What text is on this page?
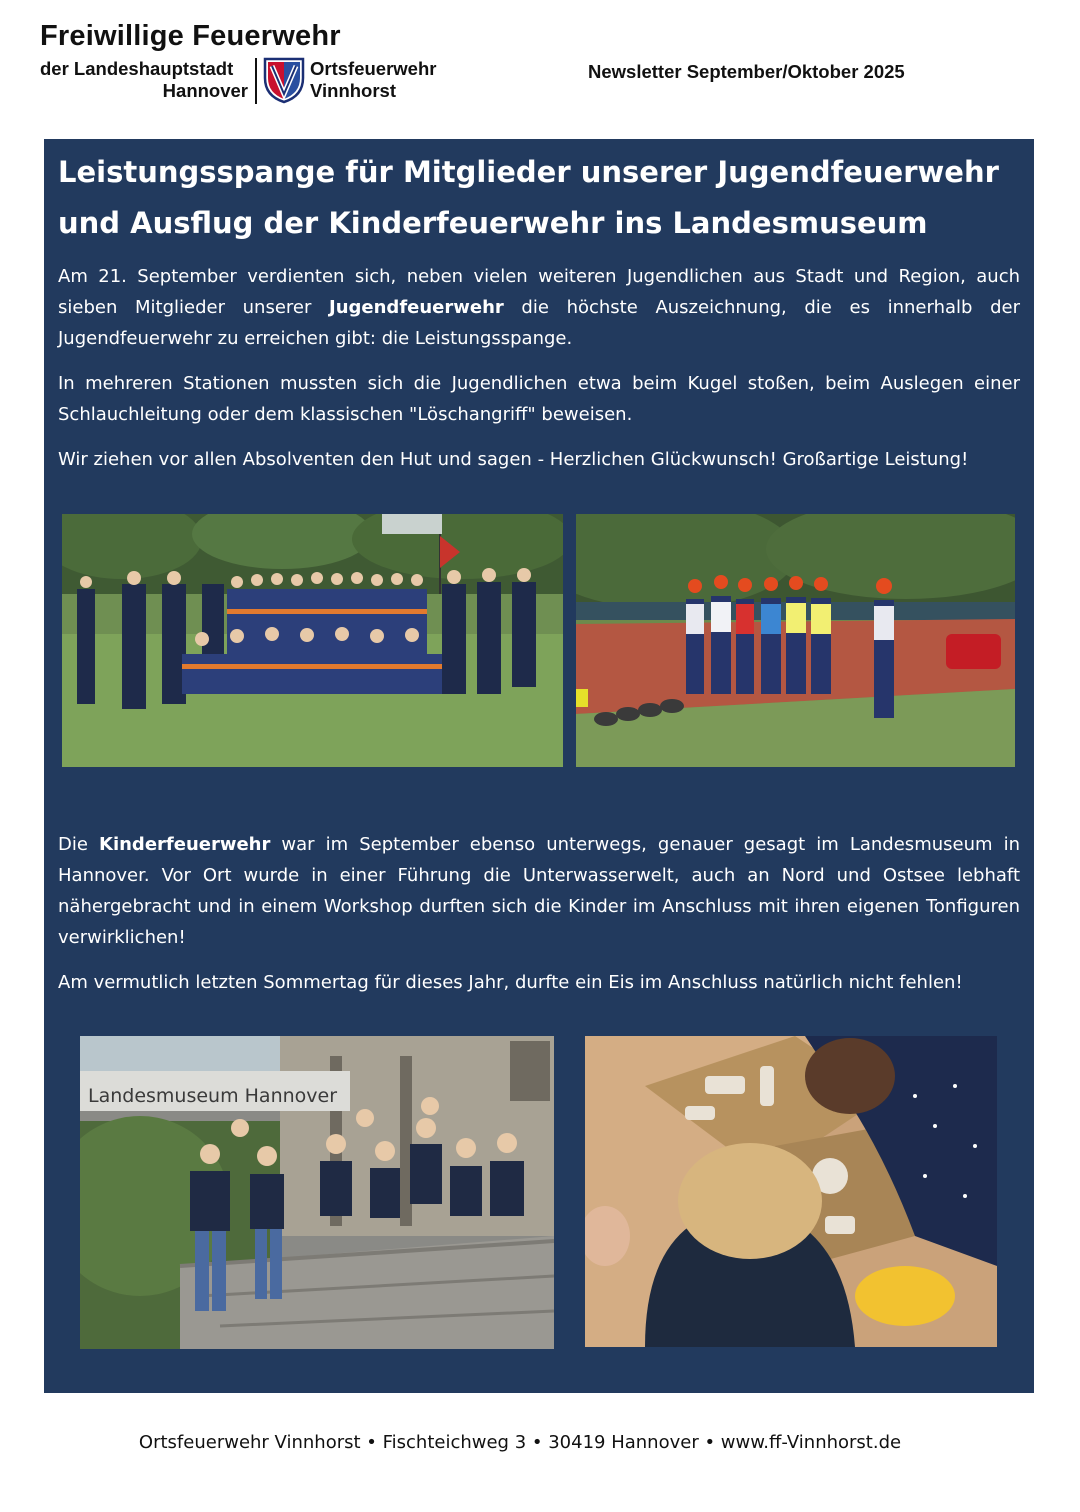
Freiwillige Feuerwehr
der Landeshauptstadt
Hannover
Ortsfeuerwehr
Vinnhorst
Newsletter September/Oktober 2025
Leistungsspange für Mitglieder unserer Jugendfeuerwehr
und Ausflug der Kinderfeuerwehr ins Landesmuseum

Am 21. September verdienten sich, neben vielen weiteren Jugendlichen aus Stadt und Region, auch sieben Mitglieder unserer Jugendfeuerwehr die höchste Auszeichnung, die es innerhalb der Jugendfeuerwehr zu erreichen gibt: die Leistungsspange.

In mehreren Stationen mussten sich die Jugendlichen etwa beim Kugel stoßen, beim Auslegen einer Schlauchleitung oder dem klassischen "Löschangriff" beweisen.

Wir ziehen vor allen Absolventen den Hut und sagen - Herzlichen Glückwunsch! Großartige Leistung!

Die Kinderfeuerwehr war im September ebenso unterwegs, genauer gesagt im Landesmuseum in Hannover. Vor Ort wurde in einer Führung die Unterwasserwelt, auch an Nord und Ostsee lebhaft nähergebracht und in einem Workshop durften sich die Kinder im Anschluss mit ihren eigenen Tonfiguren verwirklichen!

Am vermutlich letzten Sommertag für dieses Jahr, durfte ein Eis im Anschluss natürlich nicht fehlen!

Landesmuseum Hannover
Ortsfeuerwehr Vinnhorst • Fischteichweg 3 • 30419 Hannover • www.ff-Vinnhorst.de
